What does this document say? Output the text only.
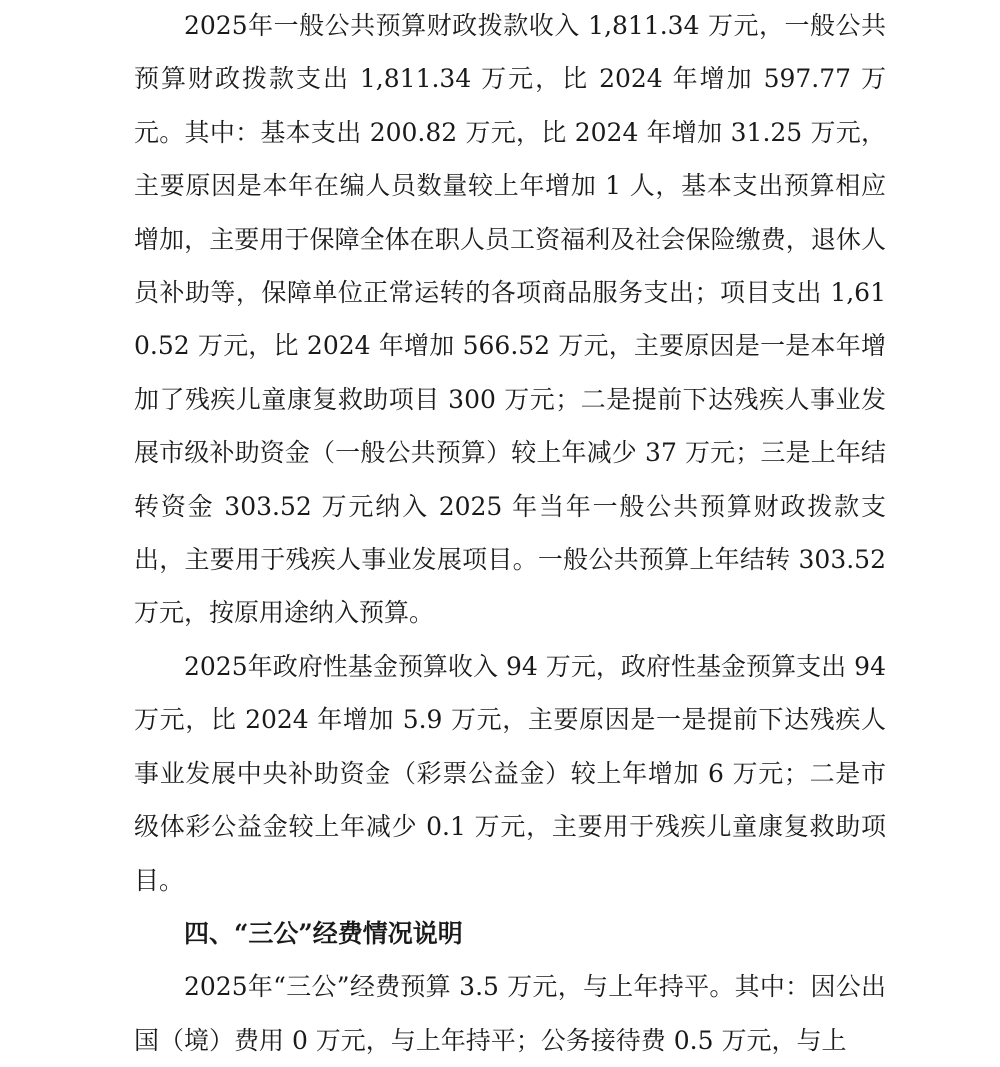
2025年一般公共预算财政拨款收入 1,811.34 万元，一般公共预算财政拨款支出 1,811.34 万元，比 2024 年增加 597.77 万元。其中：基本支出 200.82 万元，比 2024 年增加 31.25 万元，主要原因是本年在编人员数量较上年增加 1 人，基本支出预算相应增加，主要用于保障全体在职人员工资福利及社会保险缴费，退休人员补助等，保障单位正常运转的各项商品服务支出；项目支出 1,610.52 万元，比 2024 年增加 566.52 万元，主要原因是一是本年增加了残疾儿童康复救助项目 300 万元；二是提前下达残疾人事业发展市级补助资金（一般公共预算）较上年减少 37 万元；三是上年结转资金 303.52 万元纳入 2025 年当年一般公共预算财政拨款支出，主要用于残疾人事业发展项目。一般公共预算上年结转 303.52 万元，按原用途纳入预算。

2025年政府性基金预算收入 94 万元，政府性基金预算支出 94 万元，比 2024 年增加 5.9 万元，主要原因是一是提前下达残疾人事业发展中央补助资金（彩票公益金）较上年增加 6 万元；二是市级体彩公益金较上年减少 0.1 万元，主要用于残疾儿童康复救助项目。

四、“三公”经费情况说明

2025年“三公”经费预算 3.5 万元，与上年持平。其中：因公出国（境）费用 0 万元，与上年持平；公务接待费 0.5 万元，与上
